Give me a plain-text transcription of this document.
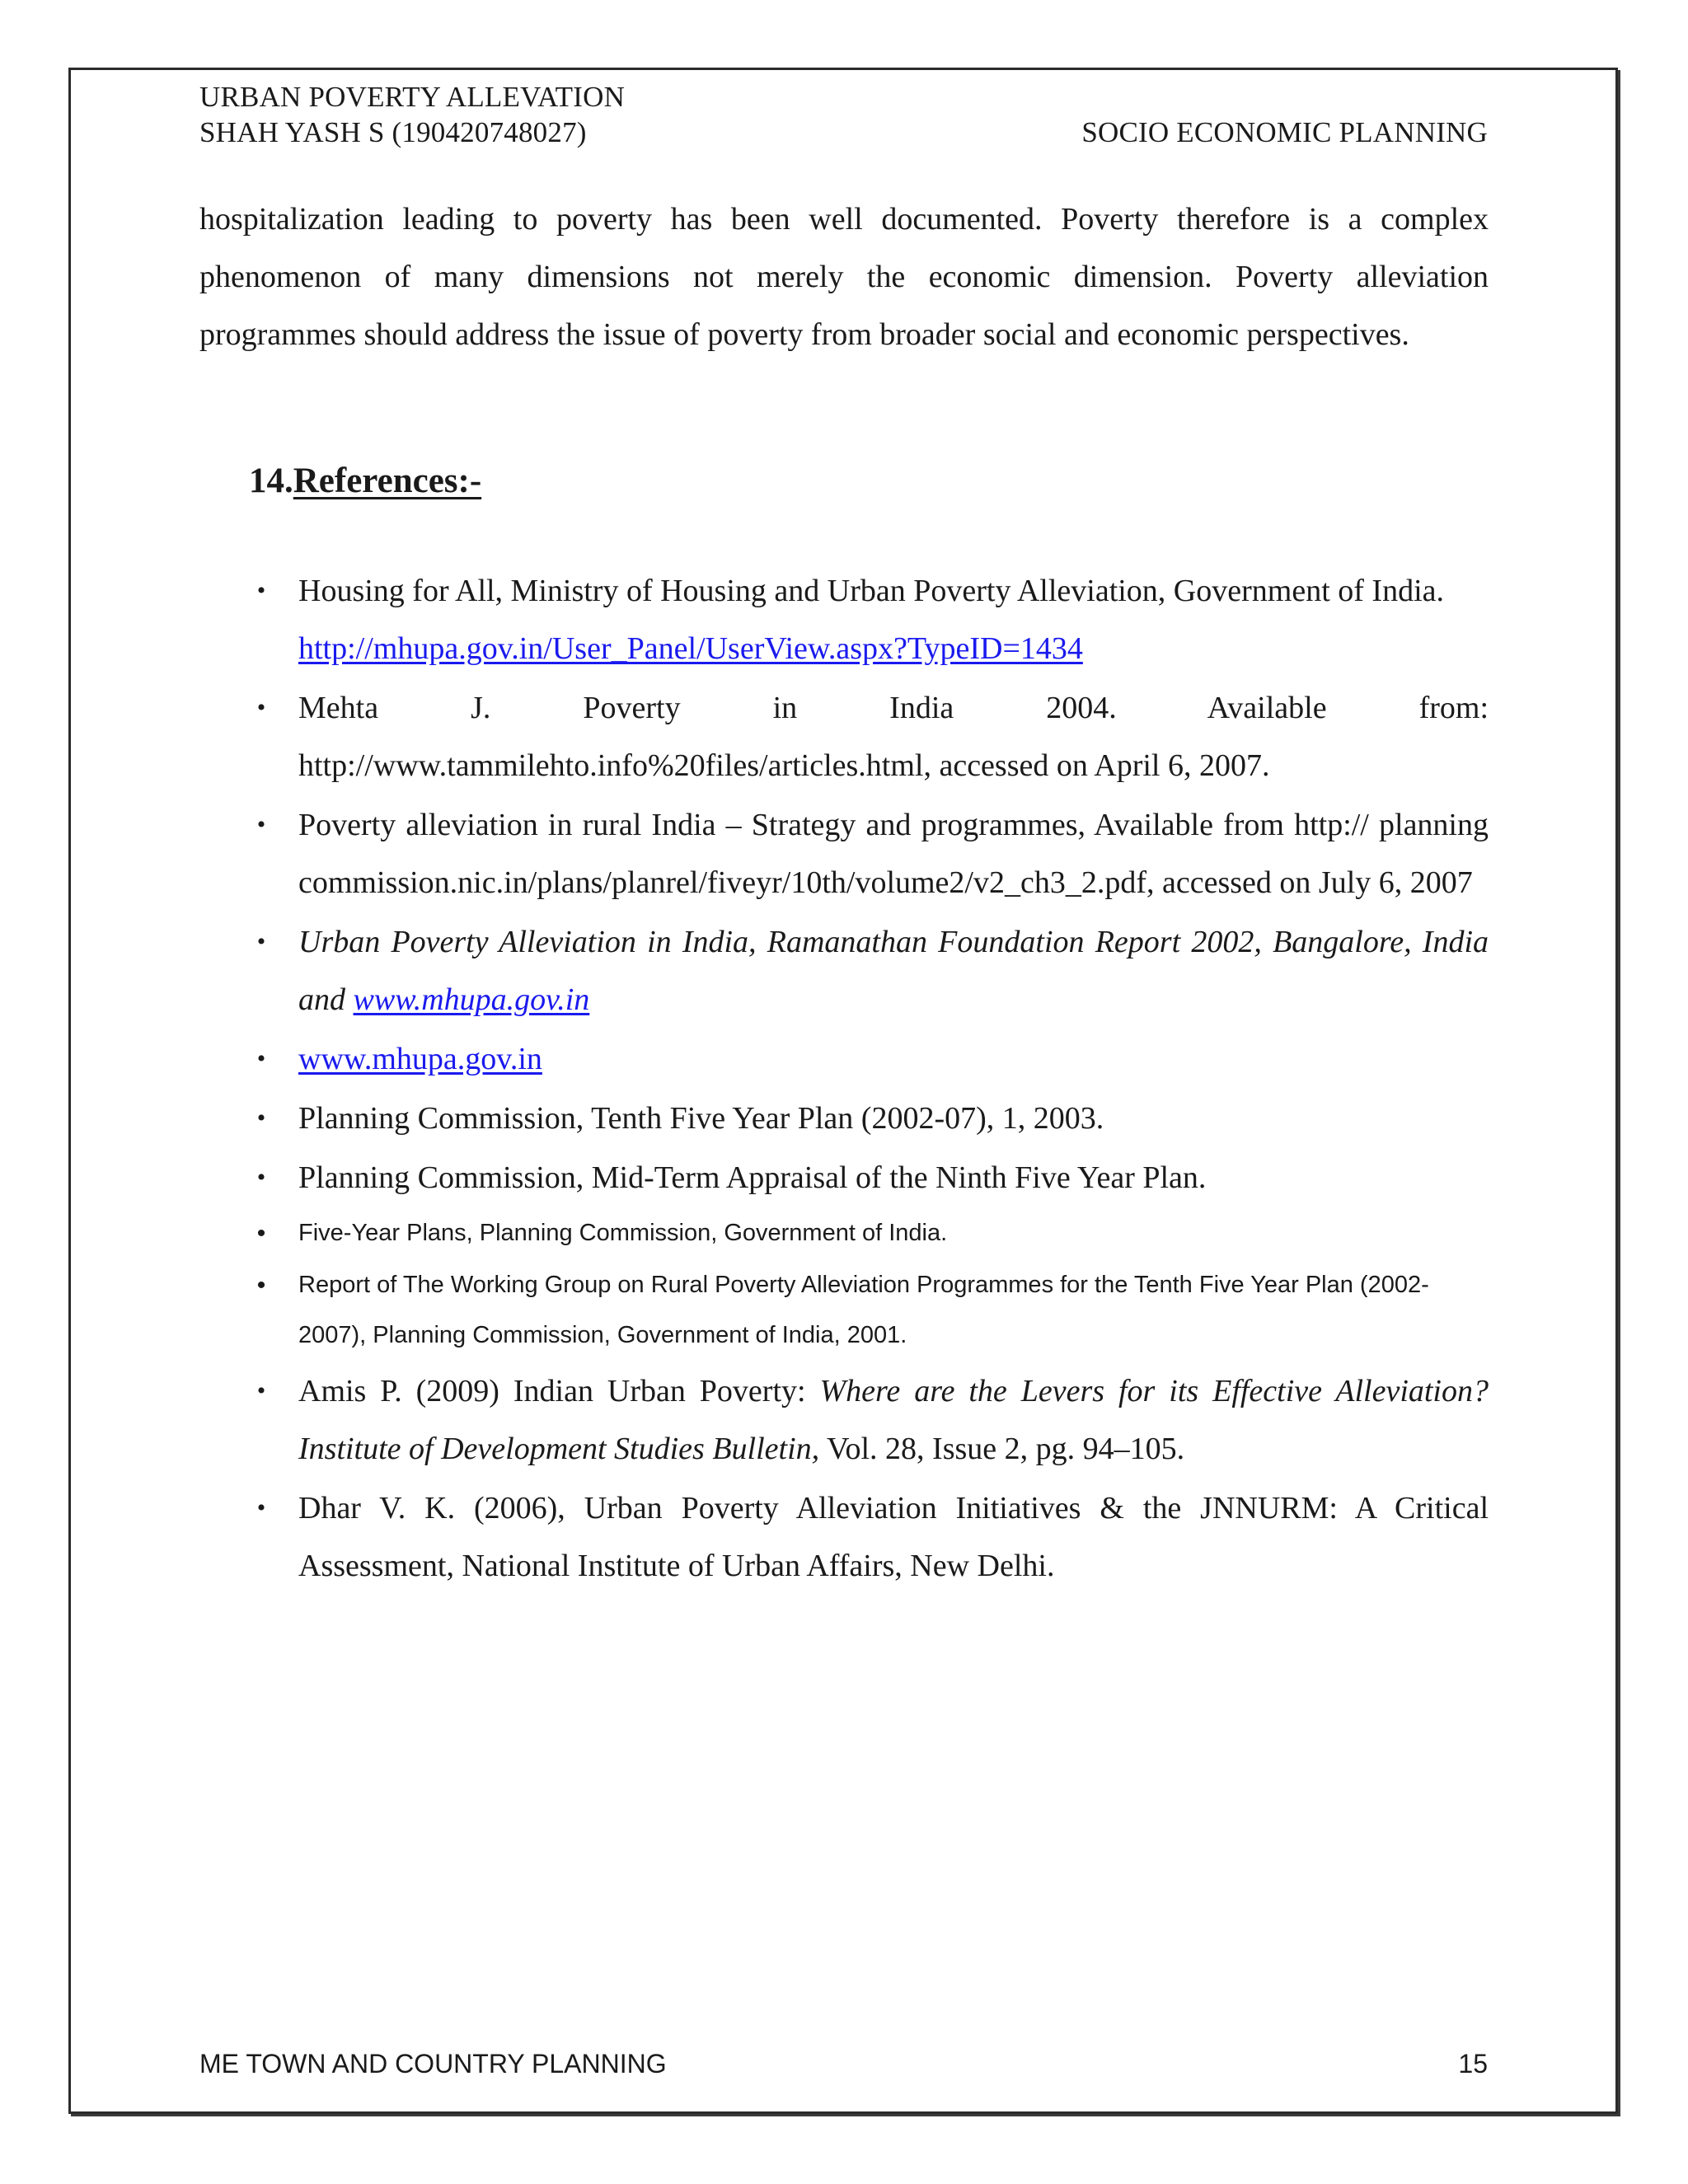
URBAN POVERTY ALLEVATION
SHAH YASH S (190420748027)	SOCIO ECONOMIC PLANNING

hospitalization leading to poverty has been well documented. Poverty therefore is a complex phenomenon of many dimensions not merely the economic dimension. Poverty alleviation programmes should address the issue of poverty from broader social and economic perspectives.

14.References:-
• Housing for All, Ministry of Housing and Urban Poverty Alleviation, Government of India.
http://mhupa.gov.in/User_Panel/UserView.aspx?TypeID=1434
• Mehta J. Poverty in India 2004. Available from:
http://www.tammilehto.info%20files/articles.html, accessed on April 6, 2007.
• Poverty alleviation in rural India – Strategy and programmes, Available from http:// planning commission.nic.in/plans/planrel/fiveyr/10th/volume2/v2_ch3_2.pdf, accessed on July 6, 2007
• Urban Poverty Alleviation in India, Ramanathan Foundation Report 2002, Bangalore, India and www.mhupa.gov.in
• www.mhupa.gov.in
• Planning Commission, Tenth Five Year Plan (2002-07), 1, 2003.
• Planning Commission, Mid-Term Appraisal of the Ninth Five Year Plan.
•	Five-Year Plans, Planning Commission, Government of India.
•	Report of The Working Group on Rural Poverty Alleviation Programmes for the Tenth Five Year Plan (2002-2007), Planning Commission, Government of India, 2001.
• Amis P. (2009) Indian Urban Poverty: Where are the Levers for its Effective Alleviation? Institute of Development Studies Bulletin, Vol. 28, Issue 2, pg. 94–105.
• Dhar V. K. (2006), Urban Poverty Alleviation Initiatives & the JNNURM: A Critical Assessment, National Institute of Urban Affairs, New Delhi.
ME TOWN AND COUNTRY PLANNING	15
